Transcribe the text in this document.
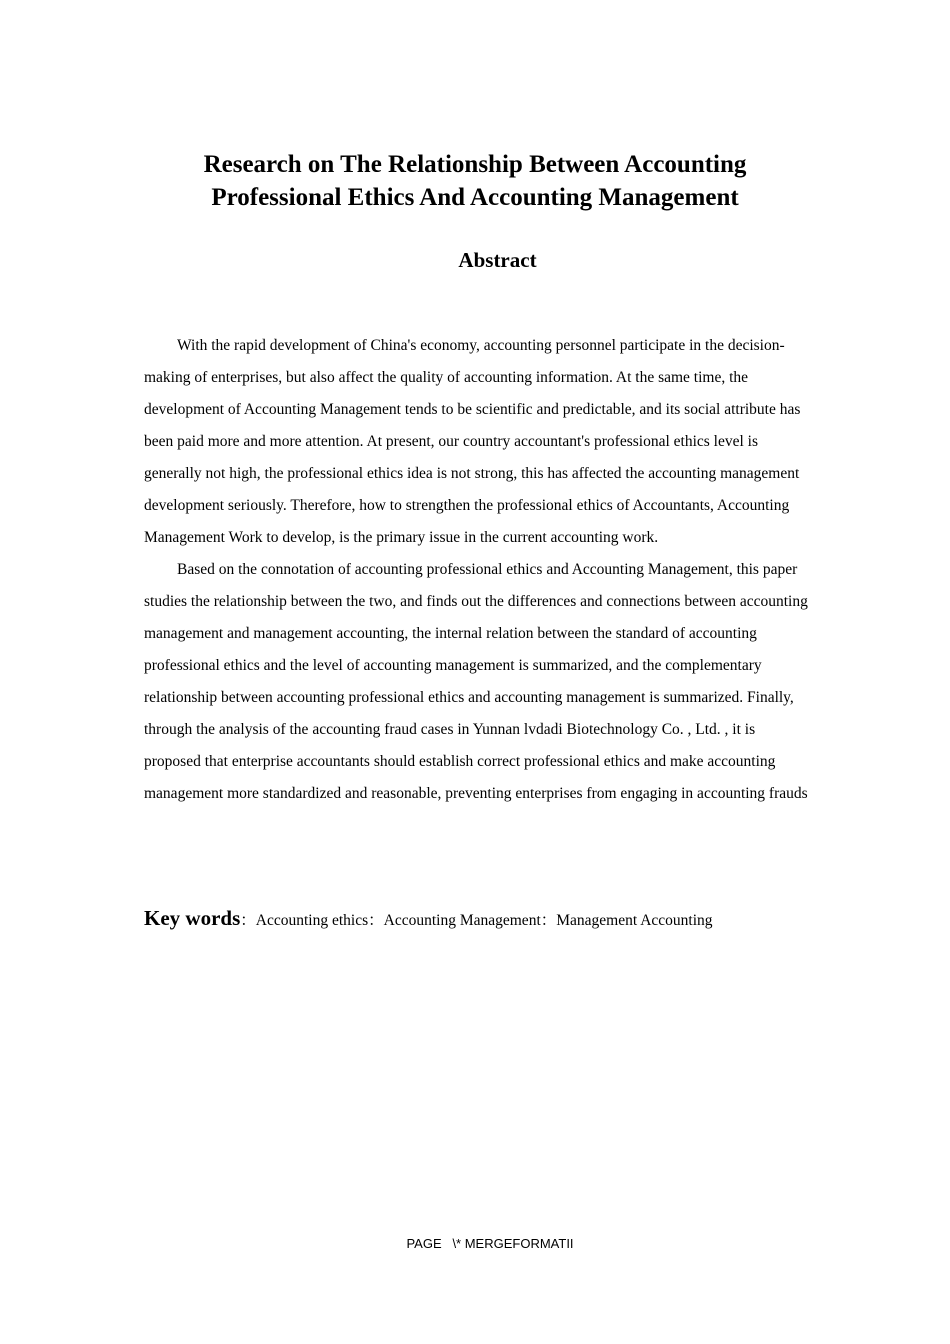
Research on The Relationship Between Accounting
Professional Ethics And Accounting Management
Abstract

With the rapid development of China's economy, accounting personnel participate in the decision-making of enterprises, but also affect the quality of accounting information. At the same time, the development of Accounting Management tends to be scientific and predictable, and its social attribute has been paid more and more attention. At present, our country accountant's professional ethics level is generally not high, the professional ethics idea is not strong, this has affected the accounting management development seriously. Therefore, how to strengthen the professional ethics of Accountants, Accounting Management Work to develop, is the primary issue in the current accounting work.

Based on the connotation of accounting professional ethics and Accounting Management, this paper studies the relationship between the two, and finds out the differences and connections between accounting management and management accounting, the internal relation between the standard of accounting professional ethics and the level of accounting management is summarized, and the complementary relationship between accounting professional ethics and accounting management is summarized. Finally, through the analysis of the accounting fraud cases in Yunnan lvdadi Biotechnology Co. , Ltd. , it is proposed that enterprise accountants should establish correct professional ethics and make accounting management more standardized and reasonable, preventing enterprises from engaging in accounting frauds

Key words：Accounting ethics：Accounting Management：Management Accounting
PAGE   \* MERGEFORMATII
